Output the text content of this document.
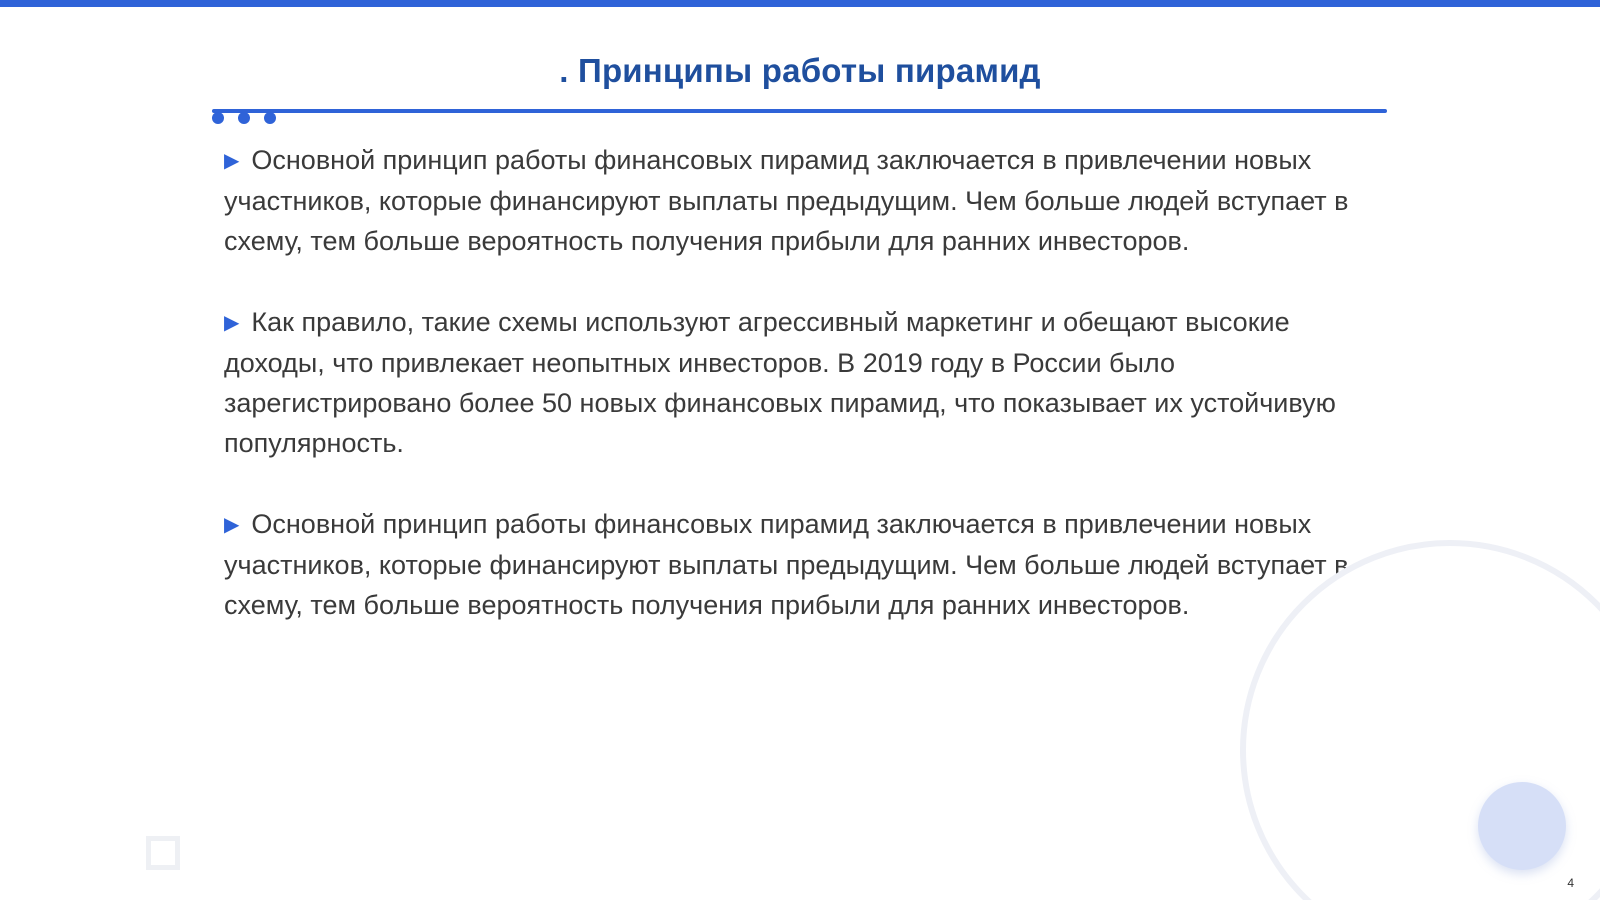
. Принципы работы пирамид

▶ Основной принцип работы финансовых пирамид заключается в привлечении новых участников, которые финансируют выплаты предыдущим. Чем больше людей вступает в схему, тем больше вероятность получения прибыли для ранних инвесторов.

▶ Как правило, такие схемы используют агрессивный маркетинг и обещают высокие доходы, что привлекает неопытных инвесторов. В 2019 году в России было зарегистрировано более 50 новых финансовых пирамид, что показывает их устойчивую популярность.

▶ Основной принцип работы финансовых пирамид заключается в привлечении новых участников, которые финансируют выплаты предыдущим. Чем больше людей вступает в схему, тем больше вероятность получения прибыли для ранних инвесторов.

4
